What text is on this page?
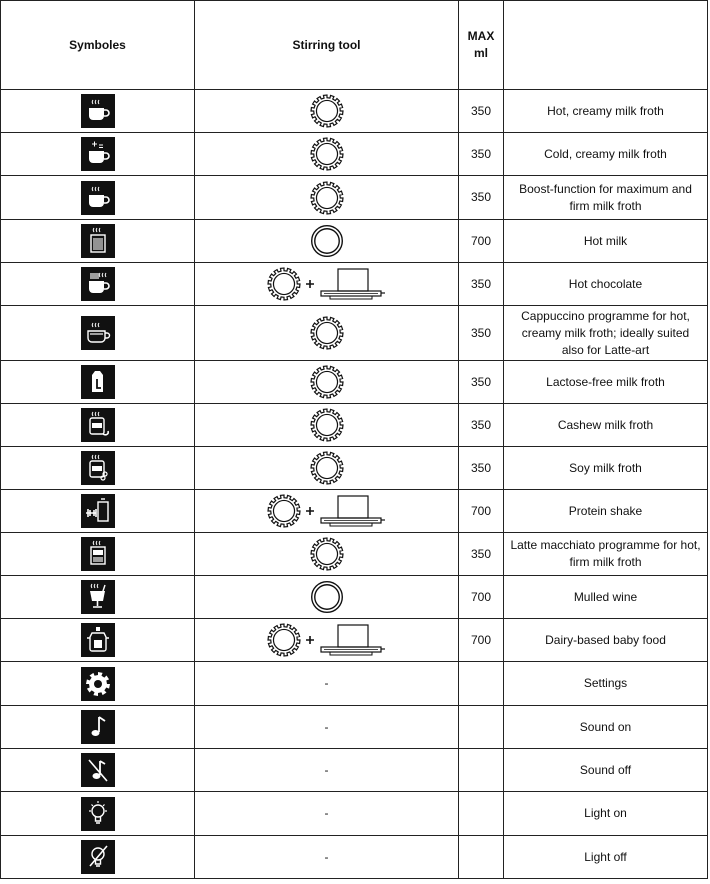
Symboles	Stirring tool	MAX
ml	

		350	Hot, creamy milk froth

		350	Cold, creamy milk froth

		350	Boost-function for maximum and firm milk froth

		700	Hot milk

		350	Hot chocolate

		350	Cappuccino programme for hot, creamy milk froth; ideally suited also for Latte-art

		350	Lactose-free milk froth

		350	Cashew milk froth

		350	Soy milk froth

		700	Protein shake

		350	Latte macchiato programme for hot, firm milk froth

		700	Mulled wine

		700	Dairy-based baby food

	-		Settings

	-		Sound on

	-		Sound off

	-		Light on

	-		Light off
